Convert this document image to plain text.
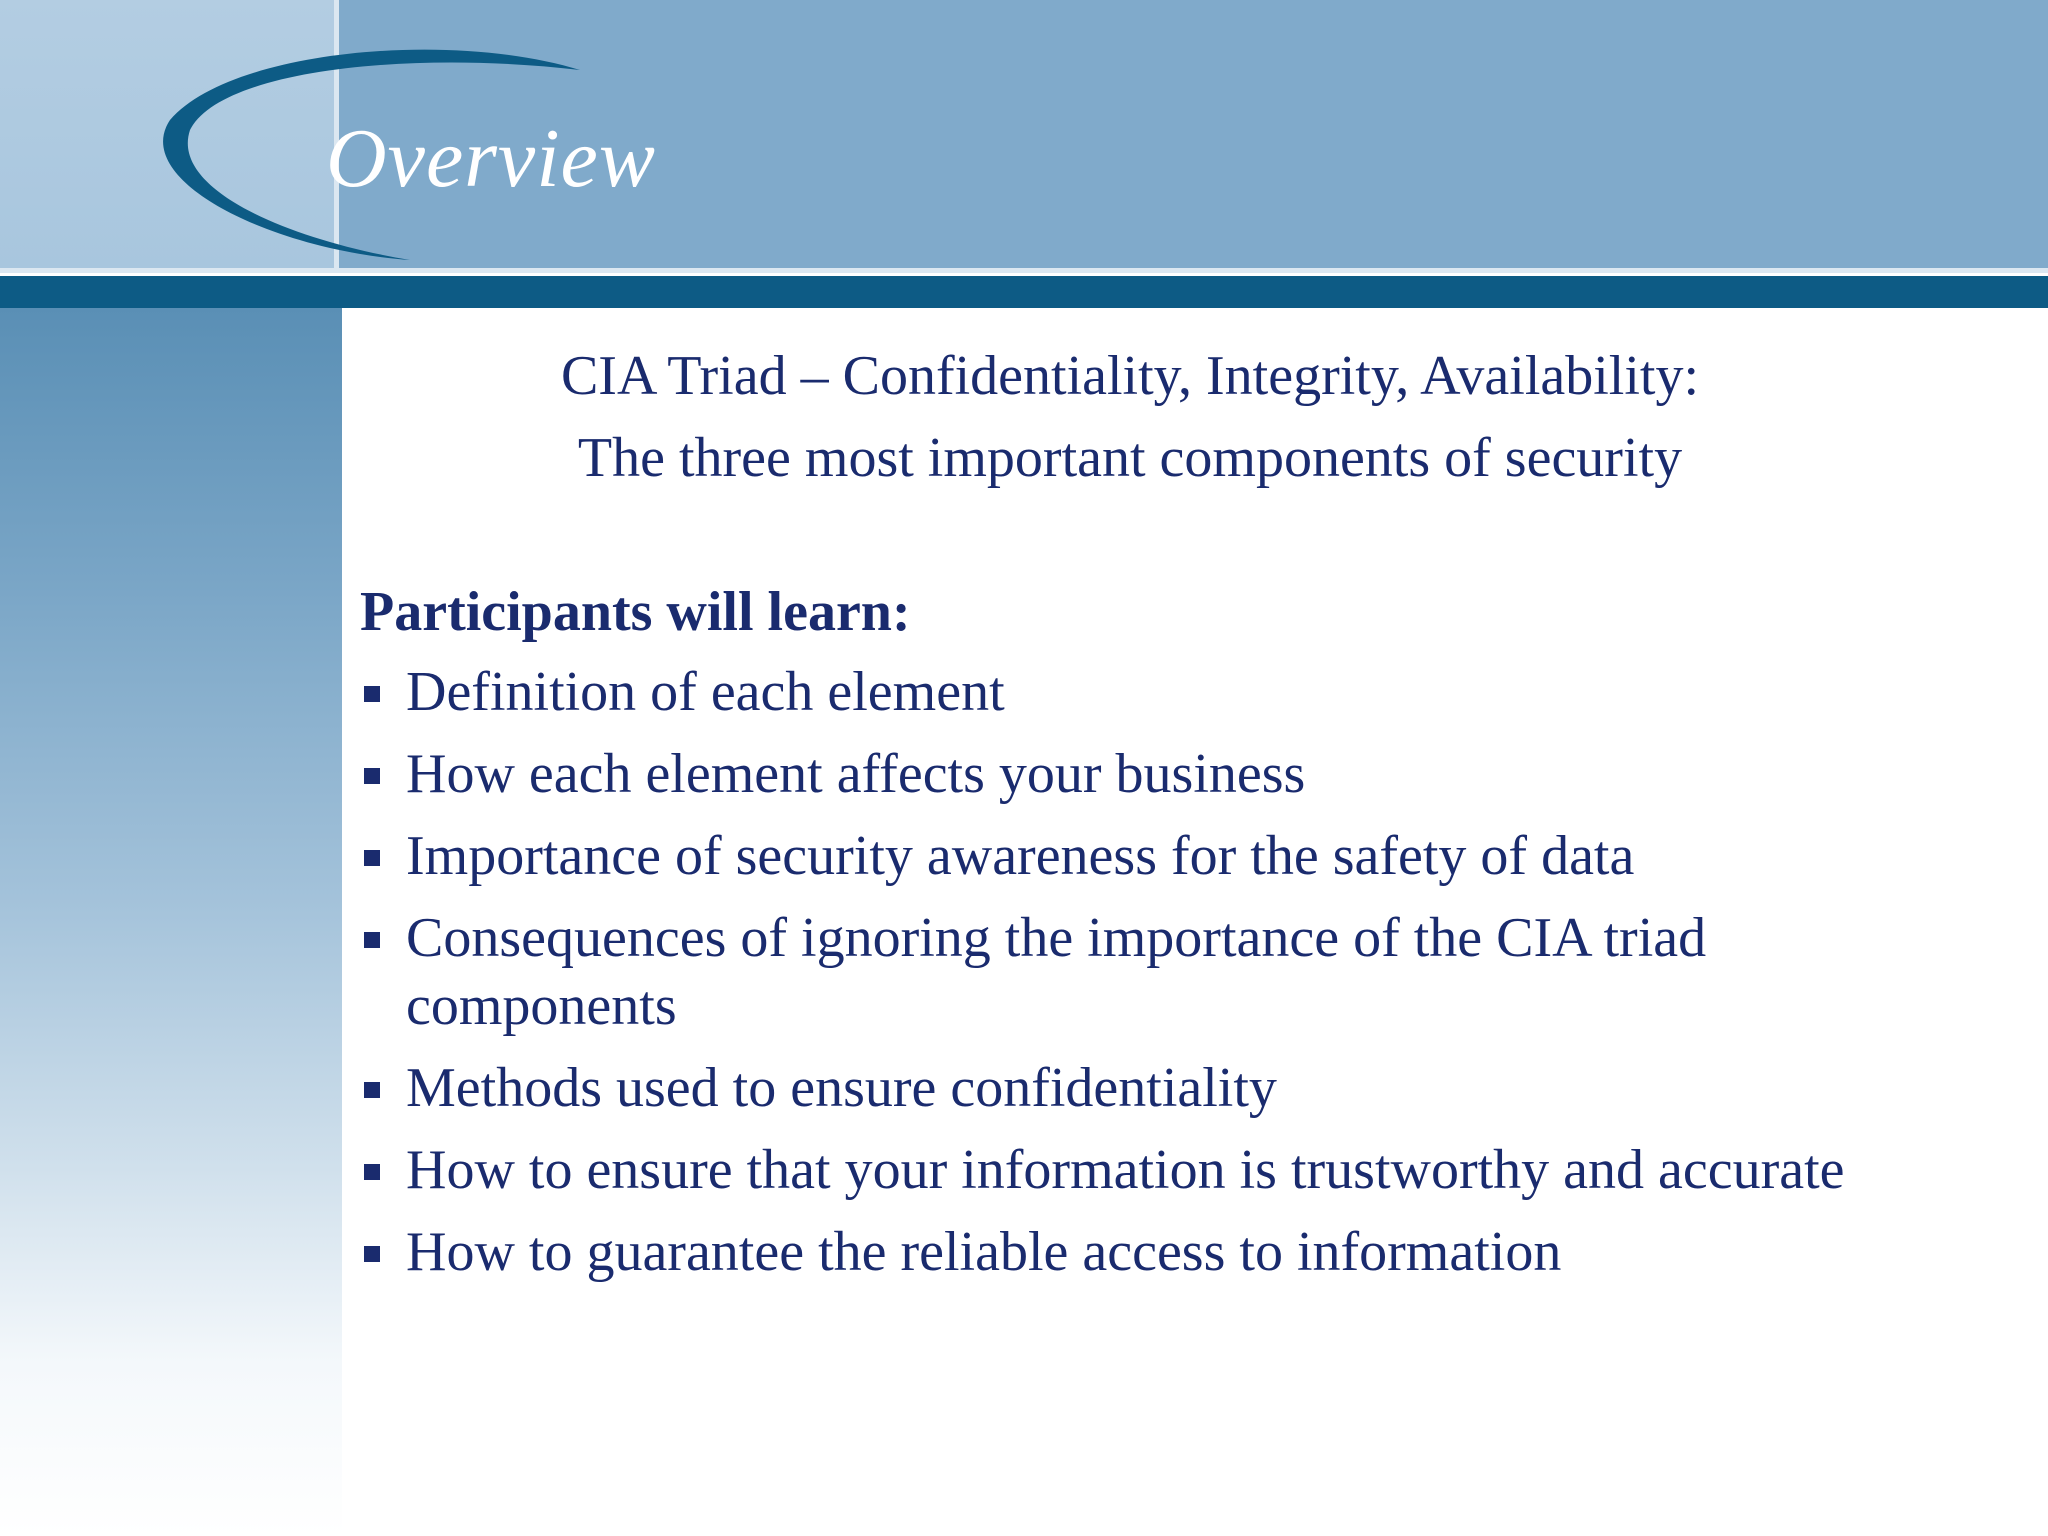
Overview

CIA Triad – Confidentiality, Integrity, Availability:

The three most important components of security

Participants will learn:
Definition of each element
How each element affects your business
Importance of security awareness for the safety of data
Consequences of ignoring the importance of the CIA triad components
Methods used to ensure confidentiality
How to ensure that your information is trustworthy and accurate
How to guarantee the reliable access to information
